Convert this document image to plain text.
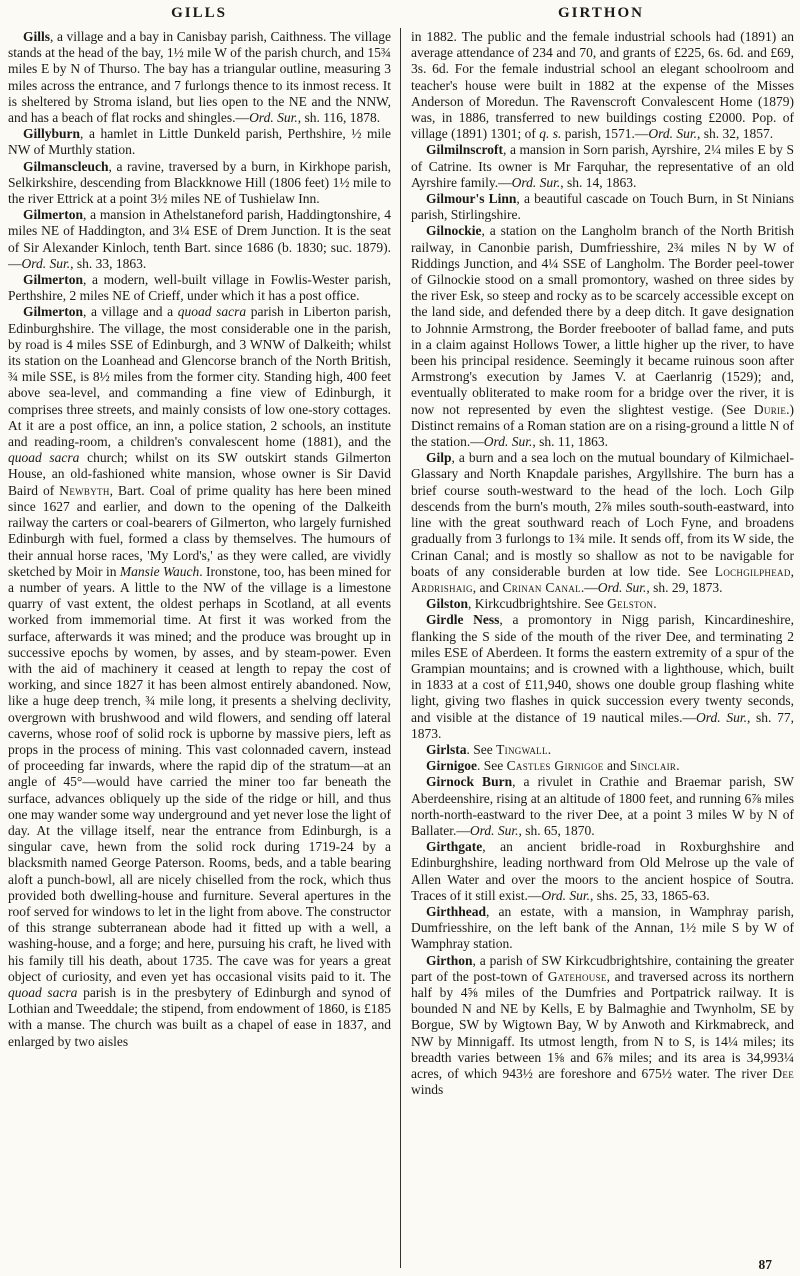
GILLS	GIRTHON

Gills, a village and a bay in Canisbay parish, Caithness. The village stands at the head of the bay, 1½ mile W of the parish church, and 15¾ miles E by N of Thurso. The bay has a triangular outline, measuring 3 miles across the entrance, and 7 furlongs thence to its inmost recess. It is sheltered by Stroma island, but lies open to the NE and the NNW, and has a beach of flat rocks and shingles.—Ord. Sur., sh. 116, 1878.

Gillyburn, a hamlet in Little Dunkeld parish, Perthshire, ½ mile NW of Murthly station.

Gilmanscleuch, a ravine, traversed by a burn, in Kirkhope parish, Selkirkshire, descending from Blackknowe Hill (1806 feet) 1½ mile to the river Ettrick at a point 3½ miles NE of Tushielaw Inn.

Gilmerton, a mansion in Athelstaneford parish, Haddingtonshire, 4 miles NE of Haddington, and 3¼ ESE of Drem Junction. It is the seat of Sir Alexander Kinloch, tenth Bart. since 1686 (b. 1830; suc. 1879).—Ord. Sur., sh. 33, 1863.

Gilmerton, a modern, well-built village in Fowlis-Wester parish, Perthshire, 2 miles NE of Crieff, under which it has a post office.

Gilmerton, a village and a quoad sacra parish in Liberton parish, Edinburghshire. The village, the most considerable one in the parish, by road is 4 miles SSE of Edinburgh, and 3 WNW of Dalkeith; whilst its station on the Loanhead and Glencorse branch of the North British, ¾ mile SSE, is 8½ miles from the former city. Standing high, 400 feet above sea-level, and commanding a fine view of Edinburgh, it comprises three streets, and mainly consists of low one-story cottages. At it are a post office, an inn, a police station, 2 schools, an institute and reading-room, a children's convalescent home (1881), and the quoad sacra church; whilst on its SW outskirt stands Gilmerton House, an old-fashioned white mansion, whose owner is Sir David Baird of Newbyth, Bart. Coal of prime quality has here been mined since 1627 and earlier, and down to the opening of the Dalkeith railway the carters or coal-bearers of Gilmerton, who largely furnished Edinburgh with fuel, formed a class by themselves. The humours of their annual horse races, 'My Lord's,' as they were called, are vividly sketched by Moir in Mansie Wauch. Ironstone, too, has been mined for a number of years. A little to the NW of the village is a limestone quarry of vast extent, the oldest perhaps in Scotland, at all events worked from immemorial time. At first it was worked from the surface, afterwards it was mined; and the produce was brought up in successive epochs by women, by asses, and by steam-power. Even with the aid of machinery it ceased at length to repay the cost of working, and since 1827 it has been almost entirely abandoned. Now, like a huge deep trench, ¾ mile long, it presents a shelving declivity, overgrown with brushwood and wild flowers, and sending off lateral caverns, whose roof of solid rock is upborne by massive piers, left as props in the process of mining. This vast colonnaded cavern, instead of proceeding far inwards, where the rapid dip of the stratum—at an angle of 45°—would have carried the miner too far beneath the surface, advances obliquely up the side of the ridge or hill, and thus one may wander some way underground and yet never lose the light of day. At the village itself, near the entrance from Edinburgh, is a singular cave, hewn from the solid rock during 1719-24 by a blacksmith named George Paterson. Rooms, beds, and a table bearing aloft a punch-bowl, all are nicely chiselled from the rock, which thus provided both dwelling-house and furniture. Several apertures in the roof served for windows to let in the light from above. The constructor of this strange subterranean abode had it fitted up with a well, a washing-house, and a forge; and here, pursuing his craft, he lived with his family till his death, about 1735. The cave was for years a great object of curiosity, and even yet has occasional visits paid to it. The quoad sacra parish is in the presbytery of Edinburgh and synod of Lothian and Tweeddale; the stipend, from endowment of 1860, is £185 with a manse. The church was built as a chapel of ease in 1837, and enlarged by two aisles

in 1882. The public and the female industrial schools had (1891) an average attendance of 234 and 70, and grants of £225, 6s. 6d. and £69, 3s. 6d. For the female industrial school an elegant schoolroom and teacher's house were built in 1882 at the expense of the Misses Anderson of Moredun. The Ravenscroft Convalescent Home (1879) was, in 1886, transferred to new buildings costing £2000. Pop. of village (1891) 1301; of q. s. parish, 1571.—Ord. Sur., sh. 32, 1857.

Gilmilnscroft, a mansion in Sorn parish, Ayrshire, 2¼ miles E by S of Catrine. Its owner is Mr Farquhar, the representative of an old Ayrshire family.—Ord. Sur., sh. 14, 1863.

Gilmour's Linn, a beautiful cascade on Touch Burn, in St Ninians parish, Stirlingshire.

Gilnockie, a station on the Langholm branch of the North British railway, in Canonbie parish, Dumfriesshire, 2¾ miles N by W of Riddings Junction, and 4¼ SSE of Langholm. The Border peel-tower of Gilnockie stood on a small promontory, washed on three sides by the river Esk, so steep and rocky as to be scarcely accessible except on the land side, and defended there by a deep ditch. It gave designation to Johnnie Armstrong, the Border freebooter of ballad fame, and puts in a claim against Hollows Tower, a little higher up the river, to have been his principal residence. Seemingly it became ruinous soon after Armstrong's execution by James V. at Caerlanrig (1529); and, eventually obliterated to make room for a bridge over the river, it is now not represented by even the slightest vestige. (See Durie.) Distinct remains of a Roman station are on a rising-ground a little N of the station.—Ord. Sur., sh. 11, 1863.

Gilp, a burn and a sea loch on the mutual boundary of Kilmichael-Glassary and North Knapdale parishes, Argyllshire. The burn has a brief course south-westward to the head of the loch. Loch Gilp descends from the burn's mouth, 2⅞ miles south-south-eastward, into line with the great southward reach of Loch Fyne, and broadens gradually from 3 furlongs to 1¾ mile. It sends off, from its W side, the Crinan Canal; and is mostly so shallow as not to be navigable for boats of any considerable burden at low tide. See Lochgilphead, Ardrishaig, and Crinan Canal.—Ord. Sur., sh. 29, 1873.

Gilston, Kirkcudbrightshire. See Gelston.

Girdle Ness, a promontory in Nigg parish, Kincardineshire, flanking the S side of the mouth of the river Dee, and terminating 2 miles ESE of Aberdeen. It forms the eastern extremity of a spur of the Grampian mountains; and is crowned with a lighthouse, which, built in 1833 at a cost of £11,940, shows one double group flashing white light, giving two flashes in quick succession every twenty seconds, and visible at the distance of 19 nautical miles.—Ord. Sur., sh. 77, 1873.

Girlsta. See Tingwall.

Girnigoe. See Castles Girnigoe and Sinclair.

Girnock Burn, a rivulet in Crathie and Braemar parish, SW Aberdeenshire, rising at an altitude of 1800 feet, and running 6⅞ miles north-north-eastward to the river Dee, at a point 3 miles W by N of Ballater.—Ord. Sur., sh. 65, 1870.

Girthgate, an ancient bridle-road in Roxburghshire and Edinburghshire, leading northward from Old Melrose up the vale of Allen Water and over the moors to the ancient hospice of Soutra. Traces of it still exist.—Ord. Sur., shs. 25, 33, 1865-63.

Girthhead, an estate, with a mansion, in Wamphray parish, Dumfriesshire, on the left bank of the Annan, 1½ mile S by W of Wamphray station.

Girthon, a parish of SW Kirkcudbrightshire, containing the greater part of the post-town of Gatehouse, and traversed across its northern half by 4⅝ miles of the Dumfries and Portpatrick railway. It is bounded N and NE by Kells, E by Balmaghie and Twynholm, SE by Borgue, SW by Wigtown Bay, W by Anwoth and Kirkmabreck, and NW by Minnigaff. Its utmost length, from N to S, is 14¼ miles; its breadth varies between 1⅝ and 6⅞ miles; and its area is 34,993¼ acres, of which 943½ are foreshore and 675½ water. The river Dee winds

87
